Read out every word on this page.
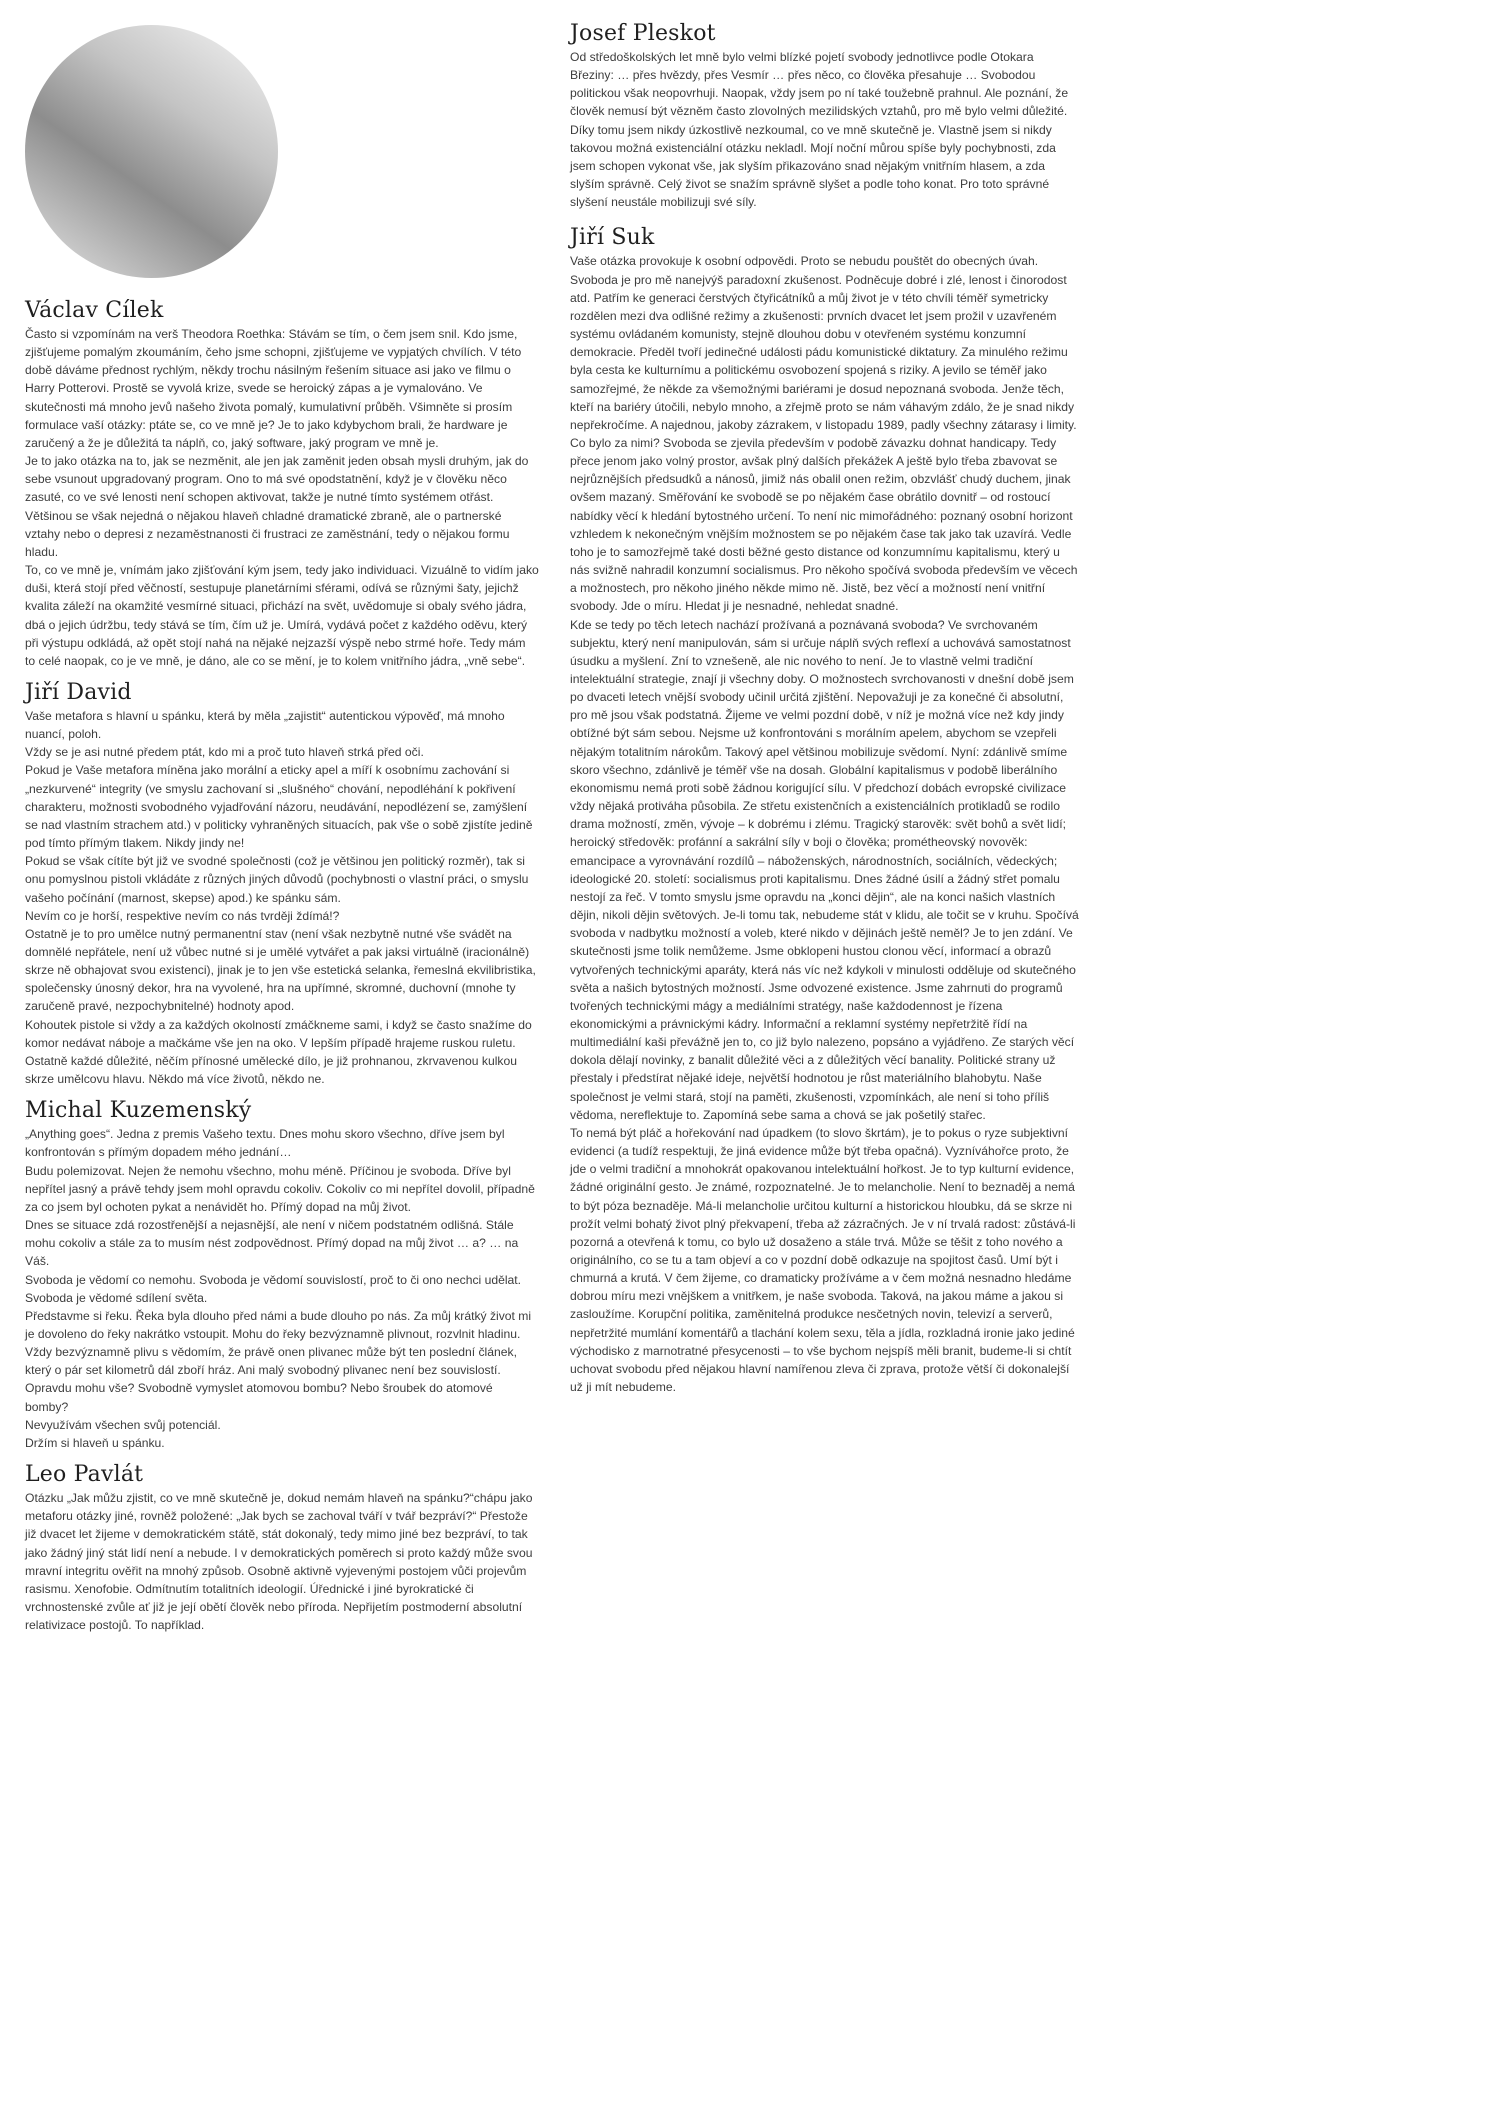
Václav Cílek

Často si vzpomínám na verš Theodora Roethka: Stávám se tím, o čem jsem snil. Kdo jsme, zjišťujeme pomalým zkoumáním, čeho jsme schopni, zjišťujeme ve vypjatých chvílích. V této době dáváme přednost rychlým, někdy trochu násilným řešením situace asi jako ve filmu o Harry Potterovi. Prostě se vyvolá krize, svede se heroický zápas a je vymalováno. Ve skutečnosti má mnoho jevů našeho života pomalý, kumulativní průběh. Všimněte si prosím formulace vaší otázky: ptáte se, co ve mně je? Je to jako kdybychom brali, že hardware je zaručený a že je důležitá ta náplň, co, jaký software, jaký program ve mně je.

Je to jako otázka na to, jak se nezměnit, ale jen jak zaměnit jeden obsah mysli druhým, jak do sebe vsunout upgradovaný program. Ono to má své opodstatnění, když je v člověku něco zasuté, co ve své lenosti není schopen aktivovat, takže je nutné tímto systémem otřást. Většinou se však nejedná o nějakou hlaveň chladné dramatické zbraně, ale o partnerské vztahy nebo o depresi z nezaměstnanosti či frustraci ze zaměstnání, tedy o nějakou formu hladu.

To, co ve mně je, vnímám jako zjišťování kým jsem, tedy jako individuaci. Vizuálně to vidím jako duši, která stojí před věčností, sestupuje planetárními sférami, odívá se různými šaty, jejichž kvalita záleží na okamžité vesmírné situaci, přichází na svět, uvědomuje si obaly svého jádra, dbá o jejich údržbu, tedy stává se tím, čím už je. Umírá, vydává počet z každého oděvu, který při výstupu odkládá, až opět stojí nahá na nějaké nejzazší výspě nebo strmé hoře. Tedy mám to celé naopak, co je ve mně, je dáno, ale co se mění, je to kolem vnitřního jádra, „vně sebe“.

Jiří David

Vaše metafora s hlavní u spánku, která by měla „zajistit“ autentickou výpověď, má mnoho nuancí, poloh.

Vždy se je asi nutné předem ptát, kdo mi a proč tuto hlaveň strká před oči.

Pokud je Vaše metafora míněna jako morální a eticky apel a míří k osobnímu zachování si „nezkurvené“ integrity (ve smyslu zachovaní si „slušného“ chování, nepodléhání k pokřivení charakteru, možnosti svobodného vyjadřování názoru, neudávání, nepodlézení se, zamýšlení se nad vlastním strachem atd.) v politicky vyhraněných situacích, pak vše o sobě zjistíte jedině pod tímto přímým tlakem. Nikdy jindy ne!

Pokud se však cítíte být již ve svodné společnosti (což je většinou jen politický rozměr), tak si onu pomyslnou pistoli vkládáte z různých jiných důvodů (pochybnosti o vlastní práci, o smyslu vašeho počínání (marnost, skepse) apod.) ke spánku sám.

Nevím co je horší, respektive nevím co nás tvrději ždímá!?

Ostatně je to pro umělce nutný permanentní stav (není však nezbytně nutné vše svádět na domnělé nepřátele, není už vůbec nutné si je umělé vytvářet a pak jaksi virtuálně (iracionálně) skrze ně obhajovat svou existenci), jinak je to jen vše estetická selanka, řemeslná ekvilibristika, společensky únosný dekor, hra na vyvolené, hra na upřímné, skromné, duchovní (mnohe ty zaručeně pravé, nezpochybnitelné) hodnoty apod.

Kohoutek pistole si vždy a za každých okolností zmáčkneme sami, i když se často snažíme do komor nedávat náboje a mačkáme vše jen na oko. V lepším případě hrajeme ruskou ruletu.

Ostatně každé důležité, něčím přínosné umělecké dílo, je již prohnanou, zkrvavenou kulkou skrze umělcovu hlavu. Někdo má více životů, někdo ne.

Michal Kuzemenský

„Anything goes“. Jedna z premis Vašeho textu. Dnes mohu skoro všechno, dříve jsem byl konfrontován s přímým dopadem mého jednání…

Budu polemizovat. Nejen že nemohu všechno, mohu méně. Příčinou je svoboda. Dříve byl nepřítel jasný a právě tehdy jsem mohl opravdu cokoliv. Cokoliv co mi nepřítel dovolil, případně za co jsem byl ochoten pykat a nenávidět ho. Přímý dopad na můj život.

Dnes se situace zdá rozostřenější a nejasnější, ale není v ničem podstatném odlišná. Stále mohu cokoliv a stále za to musím nést zodpovědnost. Přímý dopad na můj život … a? … na Váš.

Svoboda je vědomí co nemohu. Svoboda je vědomí souvislostí, proč to či ono nechci udělat. Svoboda je vědomé sdílení světa.

Představme si řeku. Řeka byla dlouho před námi a bude dlouho po nás. Za můj krátký život mi je dovoleno do řeky nakrátko vstoupit. Mohu do řeky bezvýznamně plivnout, rozvlnit hladinu. Vždy bezvýznamně plivu s vědomím, že právě onen plivanec může být ten poslední článek, který o pár set kilometrů dál zboří hráz. Ani malý svobodný plivanec není bez souvislostí. Opravdu mohu vše? Svobodně vymyslet atomovou bombu? Nebo šroubek do atomové bomby?

Nevyužívám všechen svůj potenciál.

Držím si hlaveň u spánku.

Leo Pavlát

Otázku „Jak můžu zjistit, co ve mně skutečně je, dokud nemám hlaveň na spánku?“chápu jako metaforu otázky jiné, rovněž položené: „Jak bych se zachoval tváří v tvář bezpráví?“ Přestože již dvacet let žijeme v demokratickém státě, stát dokonalý, tedy mimo jiné bez bezpráví, to tak jako žádný jiný stát lidí není a nebude. I v demokratických poměrech si proto každý může svou mravní integritu ověřit na mnohý způsob. Osobně aktivně vyjevenými postojem vůči projevům rasismu. Xenofobie. Odmítnutím totalitních ideologií. Úřednické i jiné byrokratické či vrchnostenské zvůle ať již je její obětí člověk nebo příroda. Nepřijetím postmoderní absolutní relativizace postojů. To například.

Josef Pleskot

Od středoškolských let mně bylo velmi blízké pojetí svobody jednotlivce podle Otokara Březiny: … přes hvězdy, přes Vesmír … přes něco, co člověka přesahuje … Svobodou politickou však neopovrhuji. Naopak, vždy jsem po ní také toužebně prahnul. Ale poznání, že člověk nemusí být vězněm často zlovolných mezilidských vztahů, pro mě bylo velmi důležité.

Díky tomu jsem nikdy úzkostlivě nezkoumal, co ve mně skutečně je. Vlastně jsem si nikdy takovou možná existenciální otázku nekladl. Mojí noční můrou spíše byly pochybnosti, zda jsem schopen vykonat vše, jak slyším přikazováno snad nějakým vnitřním hlasem, a zda slyším správně. Celý život se snažím správně slyšet a podle toho konat. Pro toto správné slyšení neustále mobilizuji své síly.

Jiří Suk

Vaše otázka provokuje k osobní odpovědi. Proto se nebudu pouštět do obecných úvah. Svoboda je pro mě nanejvýš paradoxní zkušenost. Podněcuje dobré i zlé, lenost i činorodost atd. Patřím ke generaci čerstvých čtyřicátníků a můj život je v této chvíli téměř symetricky rozdělen mezi dva odlišné režimy a zkušenosti: prvních dvacet let jsem prožil v uzavřeném systému ovládaném komunisty, stejně dlouhou dobu v otevřeném systému konzumní demokracie. Předěl tvoří jedinečné události pádu komunistické diktatury. Za minulého režimu byla cesta ke kulturnímu a politickému osvobození spojená s riziky. A jevilo se téměř jako samozřejmé, že někde za všemožnými bariérami je dosud nepoznaná svoboda. Jenže těch, kteří na bariéry útočili, nebylo mnoho, a zřejmě proto se nám váhavým zdálo, že je snad nikdy nepřekročíme. A najednou, jakoby zázrakem, v listopadu 1989, padly všechny zátarasy i limity. Co bylo za nimi? Svoboda se zjevila především v podobě závazku dohnat handicapy. Tedy přece jenom jako volný prostor, avšak plný dalších překážek A ještě bylo třeba zbavovat se nejrůznějších předsudků a nánosů, jimiž nás obalil onen režim, obzvlášť chudý duchem, jinak ovšem mazaný. Směřování ke svobodě se po nějakém čase obrátilo dovnitř – od rostoucí nabídky věcí k hledání bytostného určení. To není nic mimořádného: poznaný osobní horizont vzhledem k nekonečným vnějším možnostem se po nějakém čase tak jako tak uzavírá. Vedle toho je to samozřejmě také dosti běžné gesto distance od konzumnímu kapitalismu, který u nás svižně nahradil konzumní socialismus. Pro někoho spočívá svoboda především ve věcech a možnostech, pro někoho jiného někde mimo ně. Jistě, bez věcí a možností není vnitřní svobody. Jde o míru. Hledat ji je nesnadné, nehledat snadné.

Kde se tedy po těch letech nachází prožívaná a poznávaná svoboda? Ve svrchovaném subjektu, který není manipulován, sám si určuje náplň svých reflexí a uchovává samostatnost úsudku a myšlení. Zní to vznešeně, ale nic nového to není. Je to vlastně velmi tradiční intelektuální strategie, znají ji všechny doby. O možnostech svrchovanosti v dnešní době jsem po dvaceti letech vnější svobody učinil určitá zjištění. Nepovažuji je za konečné či absolutní, pro mě jsou však podstatná. Žijeme ve velmi pozdní době, v níž je možná více než kdy jindy obtížné být sám sebou. Nejsme už konfrontováni s morálním apelem, abychom se vzepřeli nějakým totalitním nárokům. Takový apel většinou mobilizuje svědomí. Nyní: zdánlivě smíme skoro všechno, zdánlivě je téměř vše na dosah. Globální kapitalismus v podobě liberálního ekonomismu nemá proti sobě žádnou korigující sílu. V předchozí dobách evropské civilizace vždy nějaká protiváha působila. Ze střetu existenčních a existenciálních protikladů se rodilo drama možností, změn, vývoje – k dobrému i zlému. Tragický starověk: svět bohů a svět lidí; heroický středověk: profánní a sakrální síly v boji o člověka; prométheovský novověk: emancipace a vyrovnávání rozdílů – náboženských, národnostních, sociálních, vědeckých; ideologické 20. století: socialismus proti kapitalismu. Dnes žádné úsilí a žádný střet pomalu nestojí za řeč. V tomto smyslu jsme opravdu na „konci dějin“, ale na konci našich vlastních dějin, nikoli dějin světových. Je-li tomu tak, nebudeme stát v klidu, ale točit se v kruhu. Spočívá svoboda v nadbytku možností a voleb, které nikdo v dějinách ještě neměl? Je to jen zdání. Ve skutečnosti jsme tolik nemůžeme. Jsme obklopeni hustou clonou věcí, informací a obrazů vytvořených technickými aparáty, která nás víc než kdykoli v minulosti odděluje od skutečného světa a našich bytostných možností. Jsme odvozené existence. Jsme zahrnuti do programů tvořených technickými mágy a mediálními stratégy, naše každodennost je řízena ekonomickými a právnickými kádry. Informační a reklamní systémy nepřetržitě řídí na multimediální kaši převážně jen to, co již bylo nalezeno, popsáno a vyjádřeno. Ze starých věcí dokola dělají novinky, z banalit důležité věci a z důležitých věcí banality. Politické strany už přestaly i předstírat nějaké ideje, největší hodnotou je růst materiálního blahobytu. Naše společnost je velmi stará, stojí na paměti, zkušenosti, vzpomínkách, ale není si toho příliš vědoma, nereflektuje to. Zapomíná sebe sama a chová se jak pošetilý stařec.

To nemá být pláč a hořekování nad úpadkem (to slovo škrtám), je to pokus o ryze subjektivní evidenci (a tudíž respektuji, že jiná evidence může být třeba opačná). Vyzníváhořce proto, že jde o velmi tradiční a mnohokrát opakovanou intelektuální hořkost. Je to typ kulturní evidence, žádné originální gesto. Je známé, rozpoznatelné. Je to melancholie. Není to beznaděj a nemá to být póza beznaděje. Má-li melancholie určitou kulturní a historickou hloubku, dá se skrze ni prožít velmi bohatý život plný překvapení, třeba až zázračných. Je v ní trvalá radost: zůstává-li pozorná a otevřená k tomu, co bylo už dosaženo a stále trvá. Může se těšit z toho nového a originálního, co se tu a tam objeví a co v pozdní době odkazuje na spojitost časů. Umí být i chmurná a krutá. V čem žijeme, co dramaticky prožíváme a v čem možná nesnadno hledáme dobrou míru mezi vnějškem a vnitřkem, je naše svoboda. Taková, na jakou máme a jakou si zasloužíme. Korupční politika, zaměnitelná produkce nesčetných novin, televizí a serverů, nepřetržité mumlání komentářů a tlachání kolem sexu, těla a jídla, rozkladná ironie jako jediné východisko z marnotratné přesycenosti – to vše bychom nejspíš měli branit, budeme-li si chtít uchovat svobodu před nějakou hlavní namířenou zleva či zprava, protože větší či dokonalejší už ji mít nebudeme.
